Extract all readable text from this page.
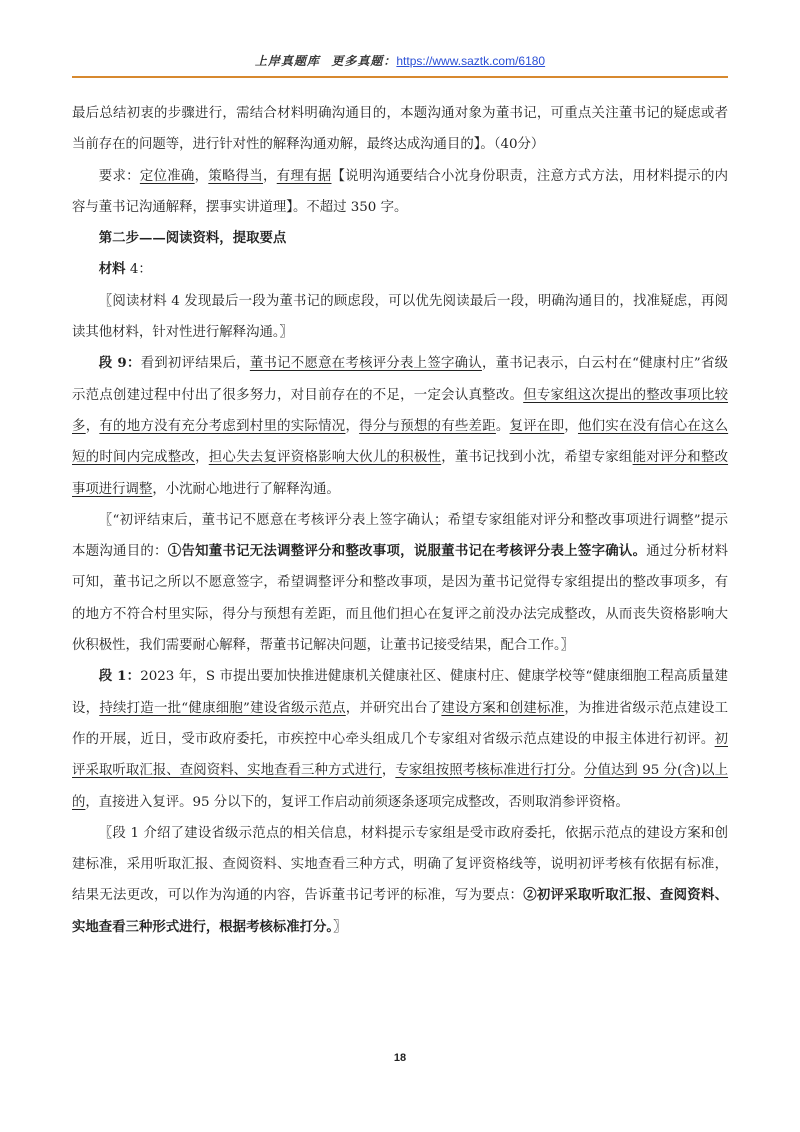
上岸真题库 更多真题：https://www.saztk.com/6180

最后总结初衷的步骤进行，需结合材料明确沟通目的，本题沟通对象为董书记，可重点关注董书记的疑虑或者当前存在的问题等，进行针对性的解释沟通劝解，最终达成沟通目的】。（40分）

要求：定位准确，策略得当，有理有据【说明沟通要结合小沈身份职责，注意方式方法，用材料提示的内容与董书记沟通解释，摆事实讲道理】。不超过 350 字。

第二步——阅读资料，提取要点

材料 4：

〖阅读材料 4 发现最后一段为董书记的顾虑段，可以优先阅读最后一段，明确沟通目的，找准疑虑，再阅读其他材料，针对性进行解释沟通。〗

段 9：看到初评结果后，董书记不愿意在考核评分表上签字确认，董书记表示，白云村在“健康村庄”省级示范点创建过程中付出了很多努力，对目前存在的不足，一定会认真整改。但专家组这次提出的整改事项比较多，有的地方没有充分考虑到村里的实际情况，得分与预想的有些差距。复评在即，他们实在没有信心在这么短的时间内完成整改，担心失去复评资格影响大伙儿的积极性，董书记找到小沈，希望专家组能对评分和整改事项进行调整，小沈耐心地进行了解释沟通。

〖“初评结束后，董书记不愿意在考核评分表上签字确认；希望专家组能对评分和整改事项进行调整”提示本题沟通目的：①告知董书记无法调整评分和整改事项，说服董书记在考核评分表上签字确认。通过分析材料可知，董书记之所以不愿意签字，希望调整评分和整改事项，是因为董书记觉得专家组提出的整改事项多，有的地方不符合村里实际，得分与预想有差距，而且他们担心在复评之前没办法完成整改，从而丧失资格影响大伙积极性，我们需要耐心解释，帮董书记解决问题，让董书记接受结果，配合工作。〗

段 1：2023 年，S 市提出要加快推进健康机关健康社区、健康村庄、健康学校等“健康细胞工程高质量建设，持续打造一批“健康细胞”建设省级示范点，并研究出台了建设方案和创建标准，为推进省级示范点建设工作的开展，近日，受市政府委托，市疾控中心牵头组成几个专家组对省级示范点建设的申报主体进行初评。初评采取听取汇报、查阅资料、实地查看三种方式进行，专家组按照考核标准进行打分。分值达到 95 分(含)以上的，直接进入复评。95 分以下的，复评工作启动前须逐条逐项完成整改，否则取消参评资格。

〖段 1 介绍了建设省级示范点的相关信息，材料提示专家组是受市政府委托，依据示范点的建设方案和创建标准，采用听取汇报、查阅资料、实地查看三种方式，明确了复评资格线等，说明初评考核有依据有标准，结果无法更改，可以作为沟通的内容，告诉董书记考评的标准，写为要点：②初评采取听取汇报、查阅资料、实地查看三种形式进行，根据考核标准打分。〗

18
